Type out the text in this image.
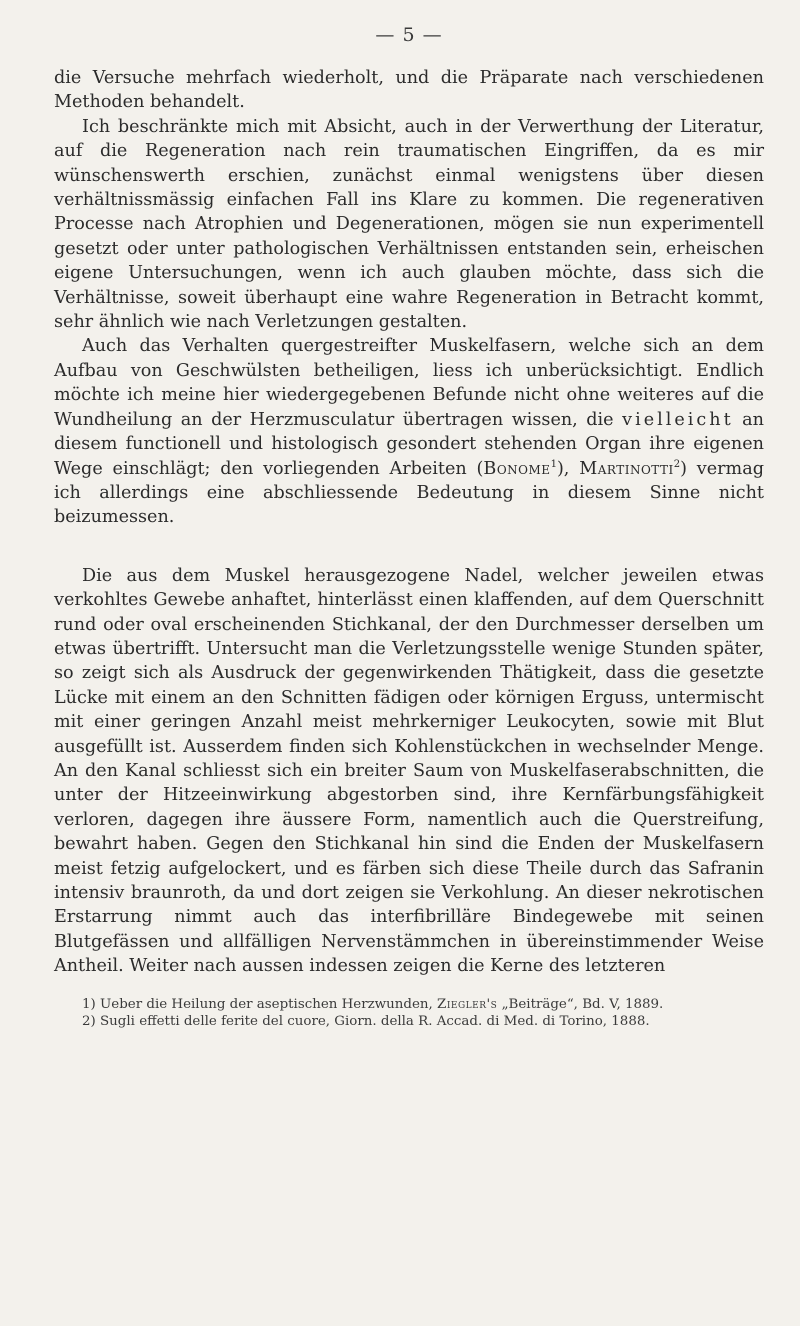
— 5 —

die Versuche mehrfach wiederholt, und die Präparate nach verschiedenen Methoden behandelt.

Ich beschränkte mich mit Absicht, auch in der Verwerthung der Literatur, auf die Regeneration nach rein traumatischen Eingriffen, da es mir wünschenswerth erschien, zunächst einmal wenigstens über diesen verhältnissmässig einfachen Fall ins Klare zu kommen. Die regenerativen Processe nach Atrophien und Degenerationen, mögen sie nun experimentell gesetzt oder unter pathologischen Verhältnissen entstanden sein, erheischen eigene Untersuchungen, wenn ich auch glauben möchte, dass sich die Verhältnisse, soweit überhaupt eine wahre Regeneration in Betracht kommt, sehr ähnlich wie nach Verletzungen gestalten.

Auch das Verhalten quergestreifter Muskelfasern, welche sich an dem Aufbau von Geschwülsten betheiligen, liess ich unberücksichtigt. Endlich möchte ich meine hier wiedergegebenen Befunde nicht ohne weiteres auf die Wundheilung an der Herzmusculatur übertragen wissen, die vielleicht an diesem functionell und histologisch gesondert stehenden Organ ihre eigenen Wege einschlägt; den vorliegenden Arbeiten (Bonome$^1$), Martinotti$^2$) vermag ich allerdings eine abschliessende Bedeutung in diesem Sinne nicht beizumessen.

Die aus dem Muskel herausgezogene Nadel, welcher jeweilen etwas verkohltes Gewebe anhaftet, hinterlässt einen klaffenden, auf dem Querschnitt rund oder oval erscheinenden Stichkanal, der den Durchmesser derselben um etwas übertrifft. Untersucht man die Verletzungsstelle wenige Stunden später, so zeigt sich als Ausdruck der gegenwirkenden Thätigkeit, dass die gesetzte Lücke mit einem an den Schnitten fädigen oder körnigen Erguss, untermischt mit einer geringen Anzahl meist mehrkerniger Leukocyten, sowie mit Blut ausgefüllt ist. Ausserdem finden sich Kohlenstückchen in wechselnder Menge. An den Kanal schliesst sich ein breiter Saum von Muskelfaserabschnitten, die unter der Hitzeeinwirkung abgestorben sind, ihre Kernfärbungsfähigkeit verloren, dagegen ihre äussere Form, namentlich auch die Querstreifung, bewahrt haben. Gegen den Stichkanal hin sind die Enden der Muskelfasern meist fetzig aufgelockert, und es färben sich diese Theile durch das Safranin intensiv braunroth, da und dort zeigen sie Verkohlung. An dieser nekrotischen Erstarrung nimmt auch das interfibrilläre Bindegewebe mit seinen Blutgefässen und allfälligen Nervenstämmchen in übereinstimmender Weise Antheil. Weiter nach aussen indessen zeigen die Kerne des letzteren

1) Ueber die Heilung der aseptischen Herzwunden, Ziegler's „Beiträge“, Bd. V, 1889.

2) Sugli effetti delle ferite del cuore, Giorn. della R. Accad. di Med. di Torino, 1888.
